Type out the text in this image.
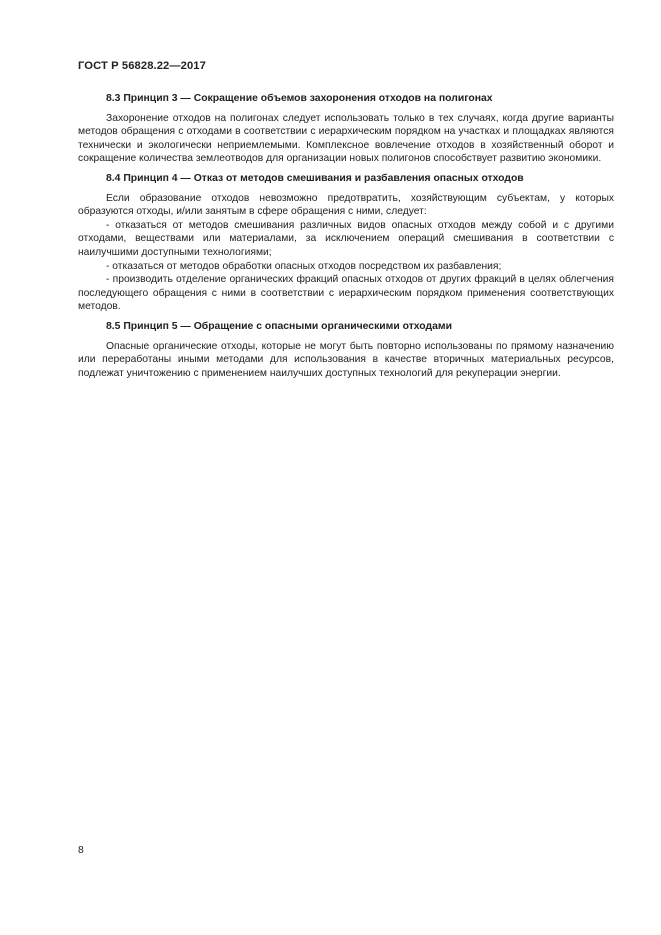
ГОСТ Р 56828.22—2017

8.3 Принцип 3 — Сокращение объемов захоронения отходов на полигонах

Захоронение отходов на полигонах следует использовать только в тех случаях, когда другие варианты методов обращения с отходами в соответствии с иерархическим порядком на участках и площадках являются технически и экологически неприемлемыми. Комплексное вовлечение отходов в хозяйственный оборот и сокращение количества землеотводов для организации новых полигонов способствует развитию экономики.

8.4 Принцип 4 — Отказ от методов смешивания и разбавления опасных отходов

Если образование отходов невозможно предотвратить, хозяйствующим субъектам, у которых образуются отходы, и/или занятым в сфере обращения с ними, следует:

- отказаться от методов смешивания различных видов опасных отходов между собой и с другими отходами, веществами или материалами, за исключением операций смешивания в соответствии с наилучшими доступными технологиями;

- отказаться от методов обработки опасных отходов посредством их разбавления;

- производить отделение органических фракций опасных отходов от других фракций в целях облегчения последующего обращения с ними в соответствии с иерархическим порядком применения соответствующих методов.

8.5 Принцип 5 — Обращение с опасными органическими отходами

Опасные органические отходы, которые не могут быть повторно использованы по прямому назначению или переработаны иными методами для использования в качестве вторичных материальных ресурсов, подлежат уничтожению с применением наилучших доступных технологий для рекуперации энергии.

8
